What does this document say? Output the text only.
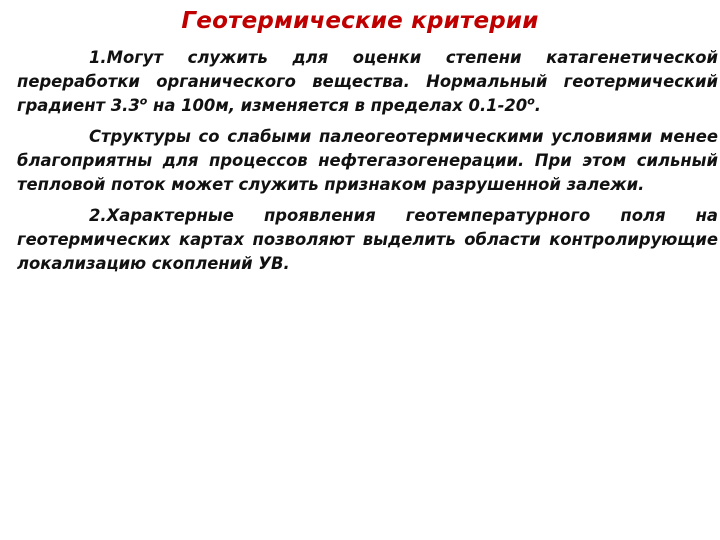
Геотермические критерии

1.Могут служить для оценки степени катагенетической переработки органического вещества. Нормальный геотермический градиент $3.3^о$ на 100м, изменяется в пределах $0.1-20^о$.

Структуры со слабыми палеогеотермическими условиями менее благоприятны для процессов нефтегазогенерации. При этом сильный тепловой поток может служить признаком разрушенной залежи.

2.Характерные проявления геотемпературного поля на геотермических картах позволяют выделить области контролирующие локализацию скоплений УВ.
